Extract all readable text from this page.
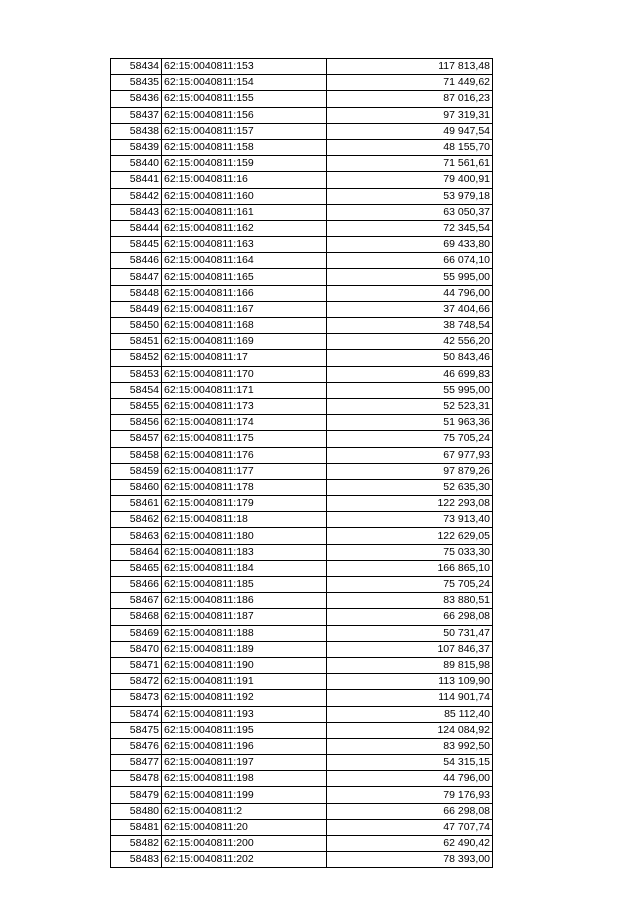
58434	62:15:0040811:153	117 813,48
58435	62:15:0040811:154	71 449,62
58436	62:15:0040811:155	87 016,23
58437	62:15:0040811:156	97 319,31
58438	62:15:0040811:157	49 947,54
58439	62:15:0040811:158	48 155,70
58440	62:15:0040811:159	71 561,61
58441	62:15:0040811:16	79 400,91
58442	62:15:0040811:160	53 979,18
58443	62:15:0040811:161	63 050,37
58444	62:15:0040811:162	72 345,54
58445	62:15:0040811:163	69 433,80
58446	62:15:0040811:164	66 074,10
58447	62:15:0040811:165	55 995,00
58448	62:15:0040811:166	44 796,00
58449	62:15:0040811:167	37 404,66
58450	62:15:0040811:168	38 748,54
58451	62:15:0040811:169	42 556,20
58452	62:15:0040811:17	50 843,46
58453	62:15:0040811:170	46 699,83
58454	62:15:0040811:171	55 995,00
58455	62:15:0040811:173	52 523,31
58456	62:15:0040811:174	51 963,36
58457	62:15:0040811:175	75 705,24
58458	62:15:0040811:176	67 977,93
58459	62:15:0040811:177	97 879,26
58460	62:15:0040811:178	52 635,30
58461	62:15:0040811:179	122 293,08
58462	62:15:0040811:18	73 913,40
58463	62:15:0040811:180	122 629,05
58464	62:15:0040811:183	75 033,30
58465	62:15:0040811:184	166 865,10
58466	62:15:0040811:185	75 705,24
58467	62:15:0040811:186	83 880,51
58468	62:15:0040811:187	66 298,08
58469	62:15:0040811:188	50 731,47
58470	62:15:0040811:189	107 846,37
58471	62:15:0040811:190	89 815,98
58472	62:15:0040811:191	113 109,90
58473	62:15:0040811:192	114 901,74
58474	62:15:0040811:193	85 112,40
58475	62:15:0040811:195	124 084,92
58476	62:15:0040811:196	83 992,50
58477	62:15:0040811:197	54 315,15
58478	62:15:0040811:198	44 796,00
58479	62:15:0040811:199	79 176,93
58480	62:15:0040811:2	66 298,08
58481	62:15:0040811:20	47 707,74
58482	62:15:0040811:200	62 490,42
58483	62:15:0040811:202	78 393,00
